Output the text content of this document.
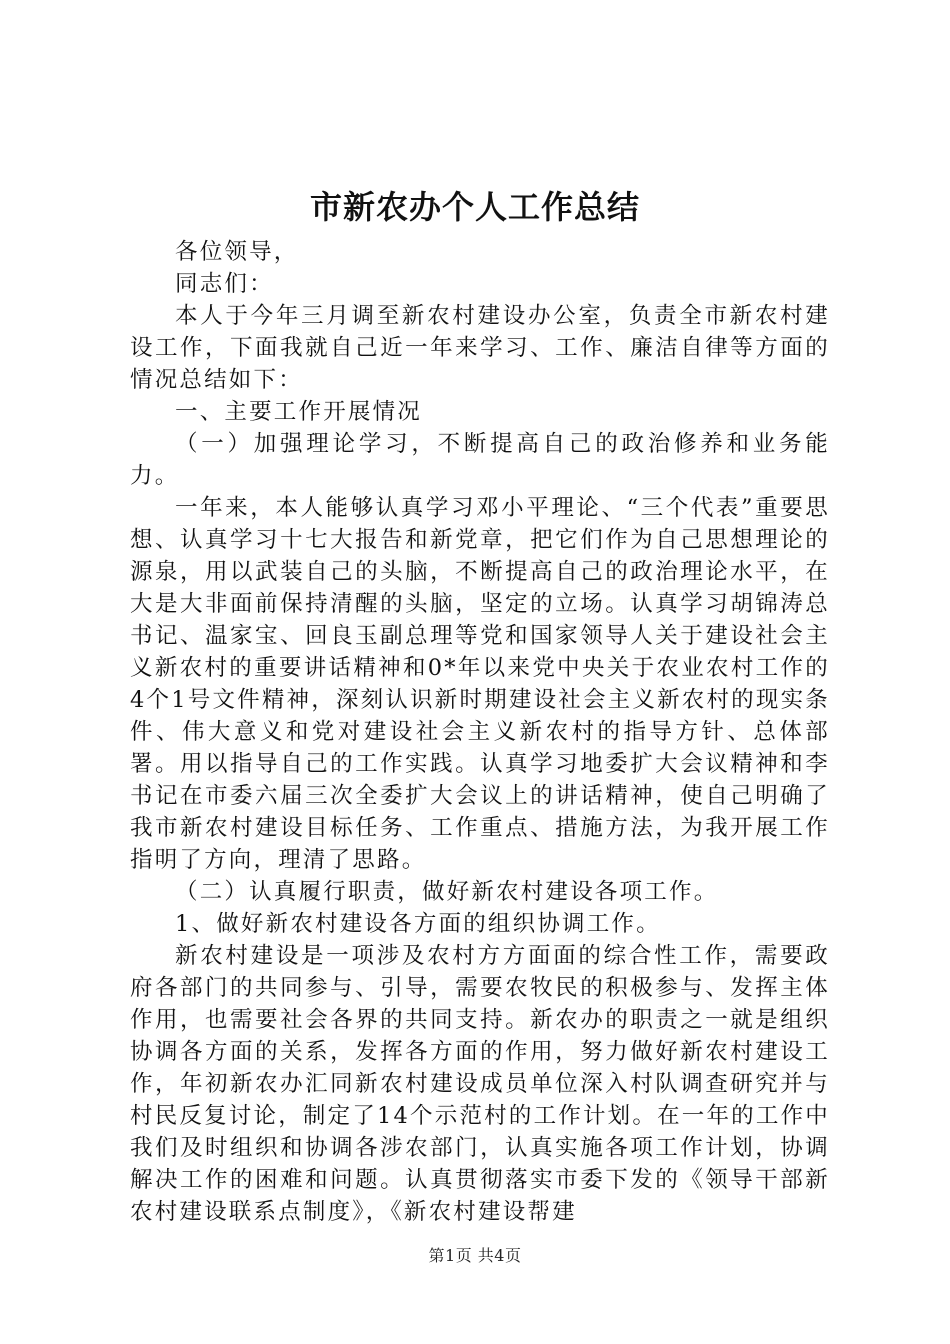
市新农办个人工作总结

各位领导，

同志们：

本人于今年三月调至新农村建设办公室，负责全市新农村建设工作，下面我就自己近一年来学习、工作、廉洁自律等方面的情况总结如下：

一、主要工作开展情况

（一）加强理论学习，不断提高自己的政治修养和业务能力。

一年来，本人能够认真学习邓小平理论、“三个代表”重要思想、认真学习十七大报告和新党章，把它们作为自己思想理论的源泉，用以武装自己的头脑，不断提高自己的政治理论水平，在大是大非面前保持清醒的头脑，坚定的立场。认真学习胡锦涛总书记、温家宝、回良玉副总理等党和国家领导人关于建设社会主义新农村的重要讲话精神和0*年以来党中央关于农业农村工作的4个1号文件精神，深刻认识新时期建设社会主义新农村的现实条件、伟大意义和党对建设社会主义新农村的指导方针、总体部署。用以指导自己的工作实践。认真学习地委扩大会议精神和李书记在市委六届三次全委扩大会议上的讲话精神，使自己明确了我市新农村建设目标任务、工作重点、措施方法，为我开展工作指明了方向，理清了思路。

（二）认真履行职责，做好新农村建设各项工作。

1、做好新农村建设各方面的组织协调工作。

新农村建设是一项涉及农村方方面面的综合性工作，需要政府各部门的共同参与、引导，需要农牧民的积极参与、发挥主体作用，也需要社会各界的共同支持。新农办的职责之一就是组织协调各方面的关系，发挥各方面的作用，努力做好新农村建设工作，年初新农办汇同新农村建设成员单位深入村队调查研究并与村民反复讨论，制定了14个示范村的工作计划。在一年的工作中我们及时组织和协调各涉农部门，认真实施各项工作计划，协调解决工作的困难和问题。认真贯彻落实市委下发的《领导干部新农村建设联系点制度》，《新农村建设帮建

第1页 共4页
